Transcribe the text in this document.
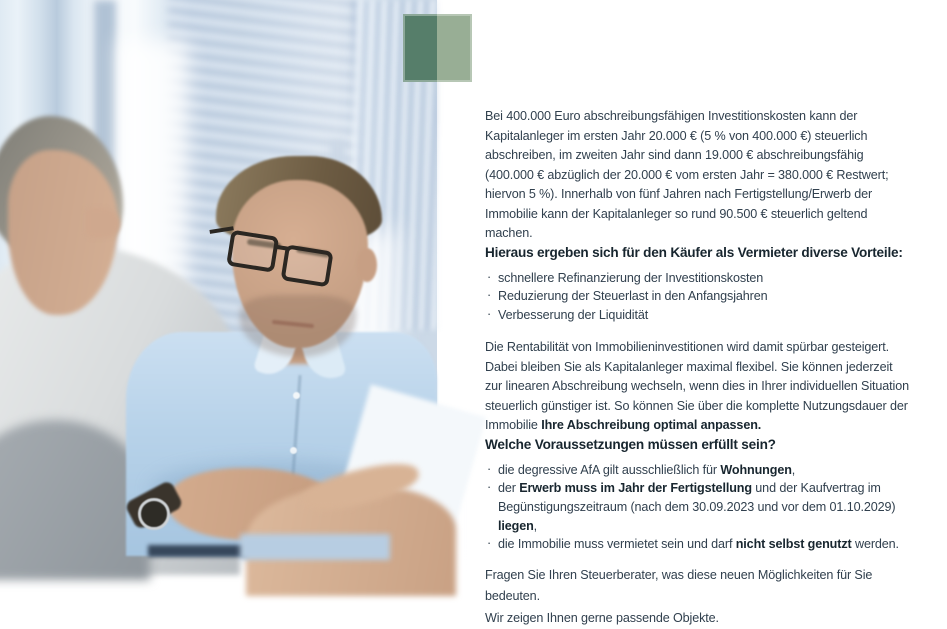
Bei 400.000 Euro abschreibungsfähigen Investitionskosten kann der Kapitalanleger im ersten Jahr 20.000 € (5 % von 400.000 €) steuerlich abschreiben, im zweiten Jahr sind dann 19.000 € abschreibungsfähig (400.000 € abzüglich der 20.000 € vom ersten Jahr = 380.000 € Restwert; hiervon 5 %). Innerhalb von fünf Jahren nach Fertigstellung/Erwerb der Immobilie kann der Kapitalanleger so rund 90.500 € steuerlich geltend machen.

Hieraus ergeben sich für den Käufer als Vermieter diverse Vorteile:
· schnellere Refinanzierung der Investitionskosten
· Reduzierung der Steuerlast in den Anfangsjahren
· Verbesserung der Liquidität

Die Rentabilität von Immobilieninvestitionen wird damit spürbar gesteigert.

Dabei bleiben Sie als Kapitalanleger maximal flexibel. Sie können jederzeit zur linearen Abschreibung wechseln, wenn dies in Ihrer individuellen Situation steuerlich günstiger ist. So können Sie über die komplette Nutzungsdauer der Immobilie Ihre Abschreibung optimal anpassen.

Welche Voraussetzungen müssen erfüllt sein?
· die degressive AfA gilt ausschließlich für Wohnungen,
· der Erwerb muss im Jahr der Fertigstellung und der Kaufvertrag im Begünstigungszeitraum (nach dem 30.09.2023 und vor dem 01.10.2029) liegen,
· die Immobilie muss vermietet sein und darf nicht selbst genutzt werden.

Fragen Sie Ihren Steuerberater, was diese neuen Möglichkeiten für Sie bedeuten.

Wir zeigen Ihnen gerne passende Objekte.
